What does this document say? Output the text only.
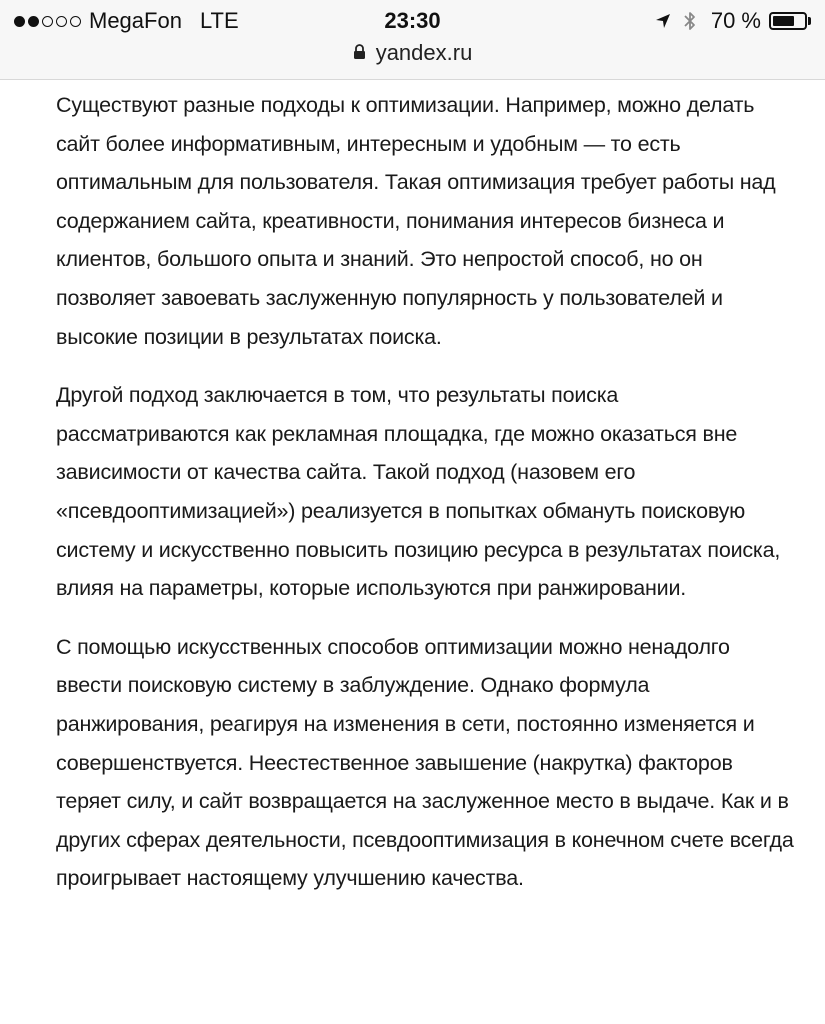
MegaFon LTE	23:30	70 %
yandex.ru

Существуют разные подходы к оптимизации. Например, можно делать сайт более информативным, интересным и удобным — то есть оптимальным для пользователя. Такая оптимизация требует работы над содержанием сайта, креативности, понимания интересов бизнеса и клиентов, большого опыта и знаний. Это непростой способ, но он позволяет завоевать заслуженную популярность у пользователей и высокие позиции в результатах поиска.

Другой подход заключается в том, что результаты поиска рассматриваются как рекламная площадка, где можно оказаться вне зависимости от качества сайта. Такой подход (назовем его «псевдооптимизацией») реализуется в попытках обмануть поисковую систему и искусственно повысить позицию ресурса в результатах поиска, влияя на параметры, которые используются при ранжировании.

С помощью искусственных способов оптимизации можно ненадолго ввести поисковую систему в заблуждение. Однако формула ранжирования, реагируя на изменения в сети, постоянно изменяется и совершенствуется. Неестественное завышение (накрутка) факторов теряет силу, и сайт возвращается на заслуженное место в выдаче. Как и в других сферах деятельности, псевдооптимизация в конечном счете всегда проигрывает настоящему улучшению качества.
